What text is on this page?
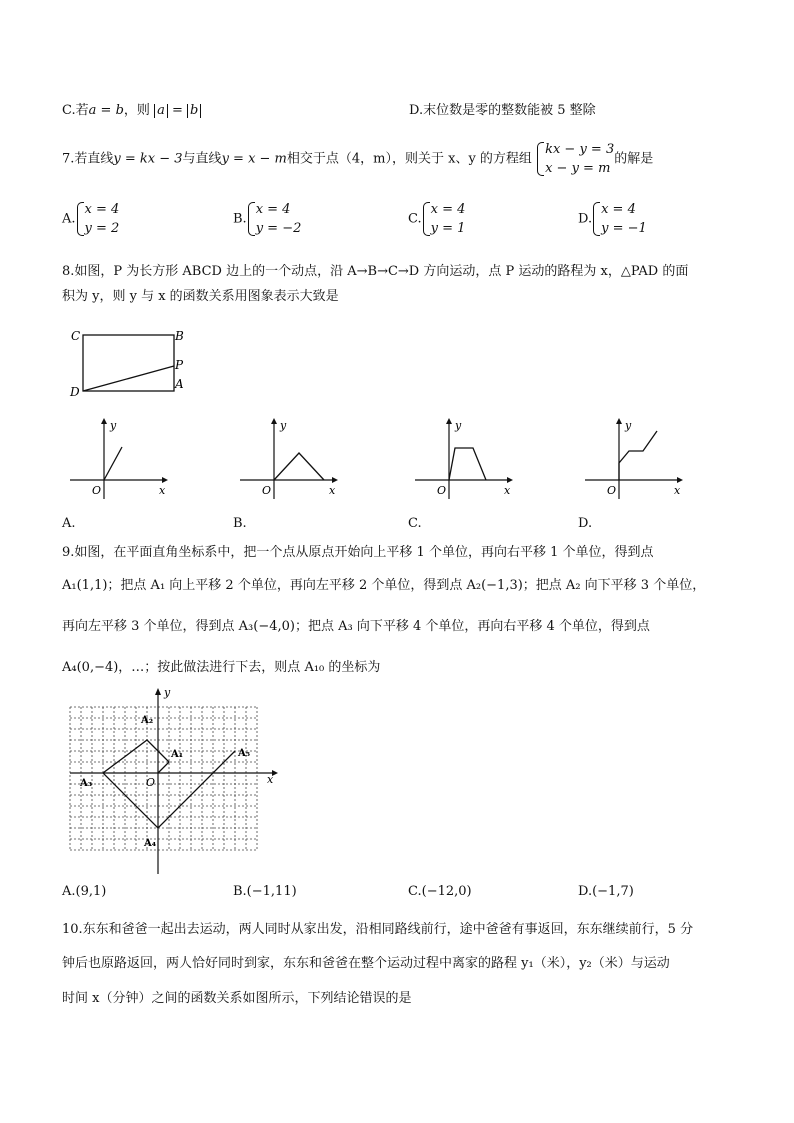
C.若a = b，则 a = b	D.末位数是零的整数能被 5 整除
7.若直线y = kx − 3与直线y = x − m相交于点（4，m），则关于 x、y 的方程组
kx − y = 3
x − y = m
的解是
A.
x = 4
y = 2
B.
x = 4
y = −2
C.
x = 4
y = 1
D.
x = 4
y = −1
8.如图，P 为长方形 ABCD 边上的一个动点，沿 A→B→C→D 方向运动，点 P 运动的路程为 x，△PAD 的面
积为 y，则 y 与 x 的函数关系用图象表示大致是
C	B
P
D
A
y
x
O
y
x
O
y
x
O
y
x
O
A.	B.	C.	D.
9.如图，在平面直角坐标系中，把一个点从原点开始向上平移 1 个单位，再向右平移 1 个单位，得到点
A₁(1,1)；把点 A₁ 向上平移 2 个单位，再向左平移 2 个单位，得到点 A₂(−1,3)；把点 A₂ 向下平移 3 个单位，
再向左平移 3 个单位，得到点 A₃(−4,0)；把点 A₃ 向下平移 4 个单位，再向右平移 4 个单位，得到点
A₄(0,−4)，…；按此做法进行下去，则点 A₁₀ 的坐标为
y
x
O
A₁
A₂
A₃
A₄
A₅
A.(9,1)	B.(−1,11)	C.(−12,0)	D.(−1,7)
10.东东和爸爸一起出去运动，两人同时从家出发，沿相同路线前行，途中爸爸有事返回，东东继续前行，5 分
钟后也原路返回，两人恰好同时到家，东东和爸爸在整个运动过程中离家的路程 y₁（米），y₂（米）与运动
时间 x（分钟）之间的函数关系如图所示，下列结论错误的是
